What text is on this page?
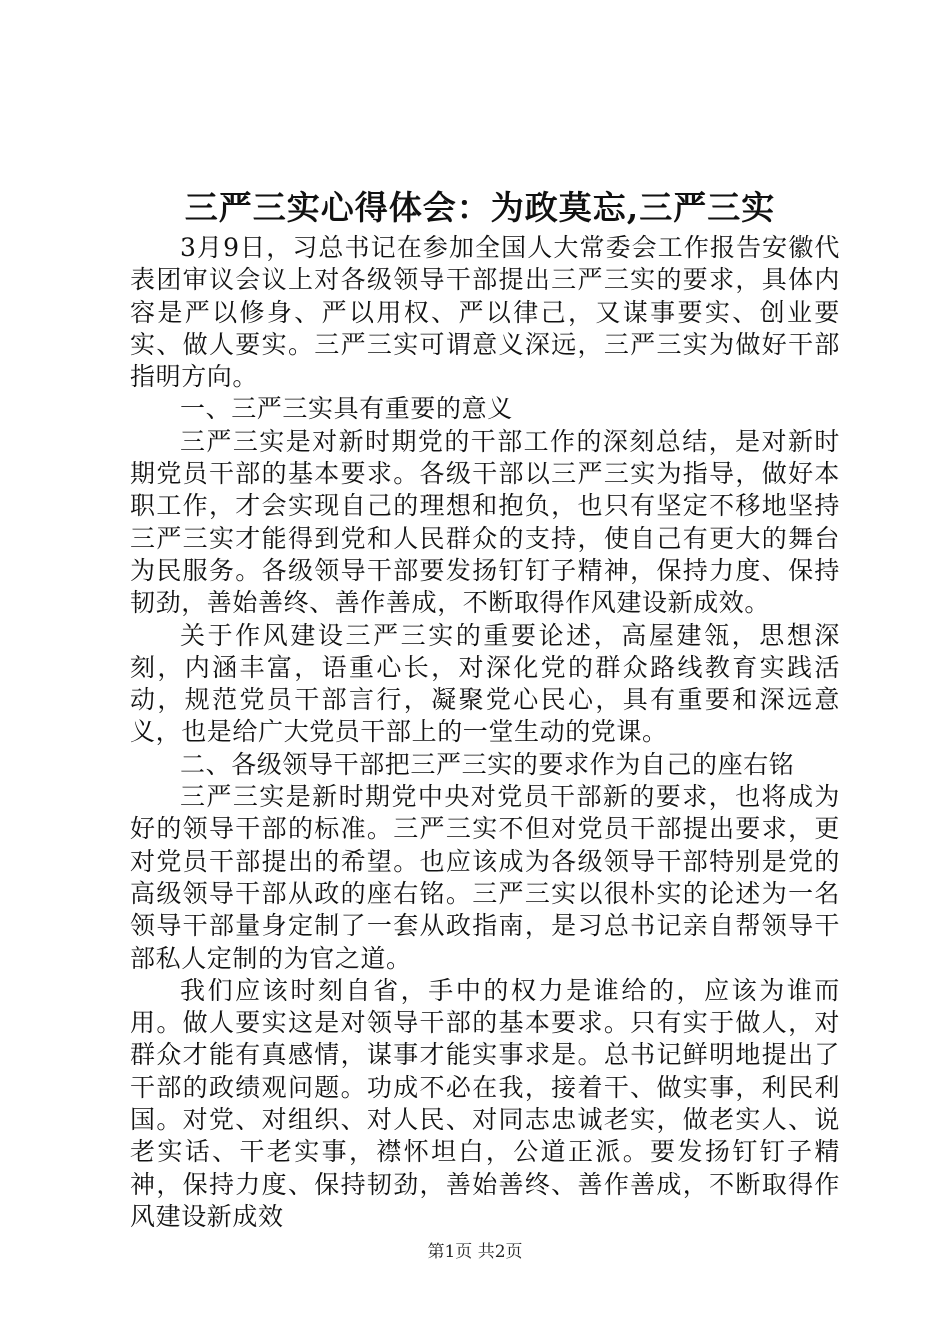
三严三实心得体会：为政莫忘,三严三实

3月9日，习总书记在参加全国人大常委会工作报告安徽代表团审议会议上对各级领导干部提出三严三实的要求，具体内容是严以修身、严以用权、严以律己，又谋事要实、创业要实、做人要实。三严三实可谓意义深远，三严三实为做好干部指明方向。

一、三严三实具有重要的意义

三严三实是对新时期党的干部工作的深刻总结，是对新时期党员干部的基本要求。各级干部以三严三实为指导，做好本职工作，才会实现自己的理想和抱负，也只有坚定不移地坚持三严三实才能得到党和人民群众的支持，使自己有更大的舞台为民服务。各级领导干部要发扬钉钉子精神，保持力度、保持韧劲，善始善终、善作善成，不断取得作风建设新成效。

关于作风建设三严三实的重要论述，高屋建瓴，思想深刻，内涵丰富，语重心长，对深化党的群众路线教育实践活动，规范党员干部言行，凝聚党心民心，具有重要和深远意义，也是给广大党员干部上的一堂生动的党课。

二、各级领导干部把三严三实的要求作为自己的座右铭

三严三实是新时期党中央对党员干部新的要求，也将成为好的领导干部的标准。三严三实不但对党员干部提出要求，更对党员干部提出的希望。也应该成为各级领导干部特别是党的高级领导干部从政的座右铭。三严三实以很朴实的论述为一名领导干部量身定制了一套从政指南，是习总书记亲自帮领导干部私人定制的为官之道。

我们应该时刻自省，手中的权力是谁给的，应该为谁而用。做人要实这是对领导干部的基本要求。只有实于做人，对群众才能有真感情，谋事才能实事求是。总书记鲜明地提出了干部的政绩观问题。功成不必在我，接着干、做实事，利民利国。对党、对组织、对人民、对同志忠诚老实，做老实人、说老实话、干老实事，襟怀坦白，公道正派。要发扬钉钉子精神，保持力度、保持韧劲，善始善终、善作善成，不断取得作风建设新成效

第1页 共2页
